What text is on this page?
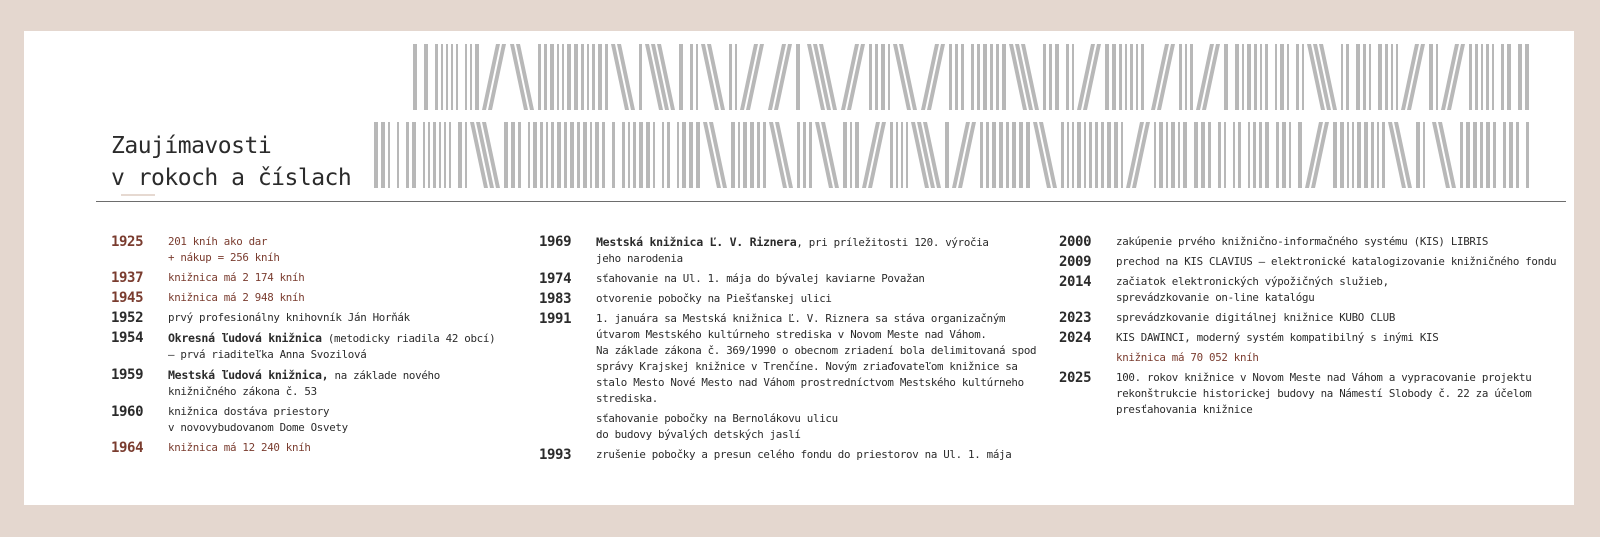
Zaujímavosti
v rokoch a číslach
1925 201 kníh ako dar
+ nákup = 256 kníh
1937 knižnica má 2 174 kníh
1945 knižnica má 2 948 kníh
1952 prvý profesionálny knihovník Ján Horňák
1954 Okresná ľudová knižnica (metodicky riadila 42 obcí)
– prvá riaditeľka Anna Svozilová
1959 Mestská ľudová knižnica, na základe nového
knižničného zákona č. 53
1960 knižnica dostáva priestory
v novovybudovanom Dome Osvety
1964 knižnica má 12 240 kníh
1969 Mestská knižnica Ľ. V. Riznera, pri príležitosti 120. výročia
jeho narodenia
1974 sťahovanie na Ul. 1. mája do bývalej kaviarne Považan
1983 otvorenie pobočky na Piešťanskej ulici
1991 1. januára sa Mestská knižnica Ľ. V. Riznera sa stáva organizačným
útvarom Mestského kultúrneho strediska v Novom Meste nad Váhom.
Na základe zákona č. 369/1990 o obecnom zriadení bola delimitovaná spod
správy Krajskej knižnice v Trenčíne. Novým zriaďovateľom knižnice sa
stalo Mesto Nové Mesto nad Váhom prostredníctvom Mestského kultúrneho
strediska.
sťahovanie pobočky na Bernolákovu ulicu
do budovy bývalých detských jaslí
1993 zrušenie pobočky a presun celého fondu do priestorov na Ul. 1. mája
2000 zakúpenie prvého knižnično-informačného systému (KIS) LIBRIS
2009 prechod na KIS CLAVIUS – elektronické katalogizovanie knižničného fondu
2014 začiatok elektronických výpožičných služieb,
sprevádzkovanie on-line katalógu
2023 sprevádzkovanie digitálnej knižnice KUBO CLUB
2024 KIS DAWINCI, moderný systém kompatibilný s inými KIS
knižnica má 70 052 kníh
2025 100. rokov knižnice v Novom Meste nad Váhom a vypracovanie projektu
rekonštrukcie historickej budovy na Námestí Slobody č. 22 za účelom
presťahovania knižnice
